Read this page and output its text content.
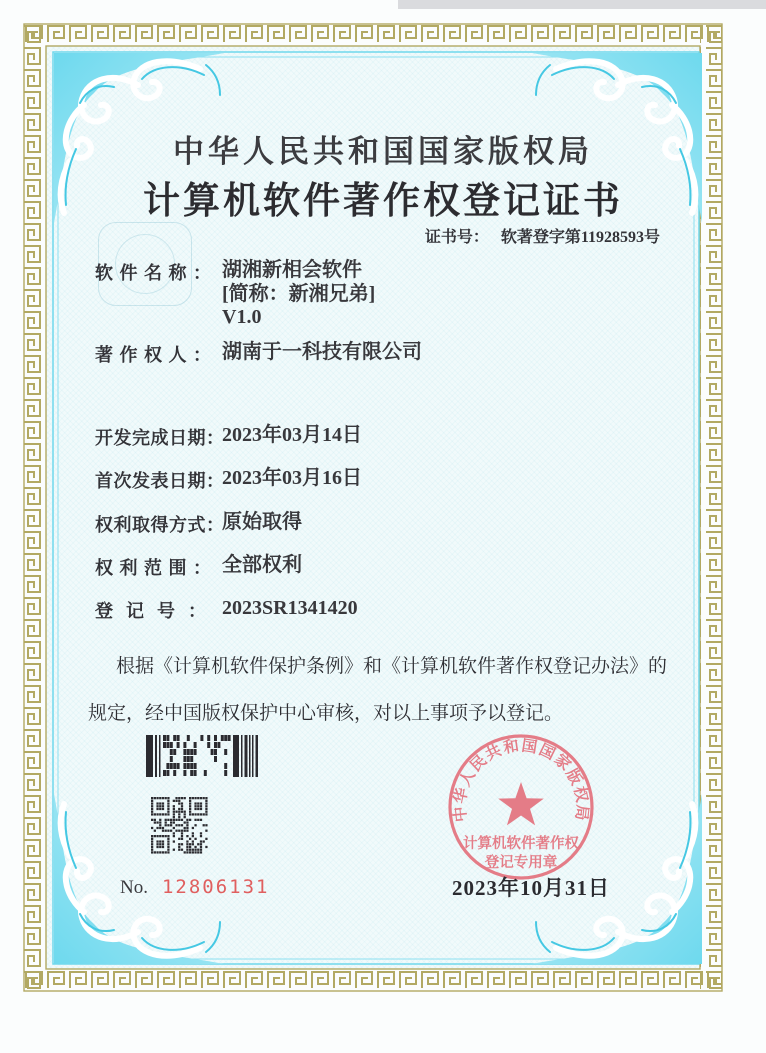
中华人民共和国国家版权局
计算机软件著作权登记证书
证书号： 软著登字第11928593号
软件名称： 湖湘新相会软件
[简称：新湘兄弟]
V1.0
著作权人： 湖南于一科技有限公司
开发完成日期：
2023年03月14日
首次发表日期：
2023年03月16日
权利取得方式：
原始取得
权利范围： 全部权利
登记号： 2023SR1341420
根据《计算机软件保护条例》和《计算机软件著作权登记办法》的
规定，经中国版权保护中心审核，对以上事项予以登记。
No. 12806131
中华人民共和国国家版权局
计算机软件著作权
登记专用章
2023年10月31日
